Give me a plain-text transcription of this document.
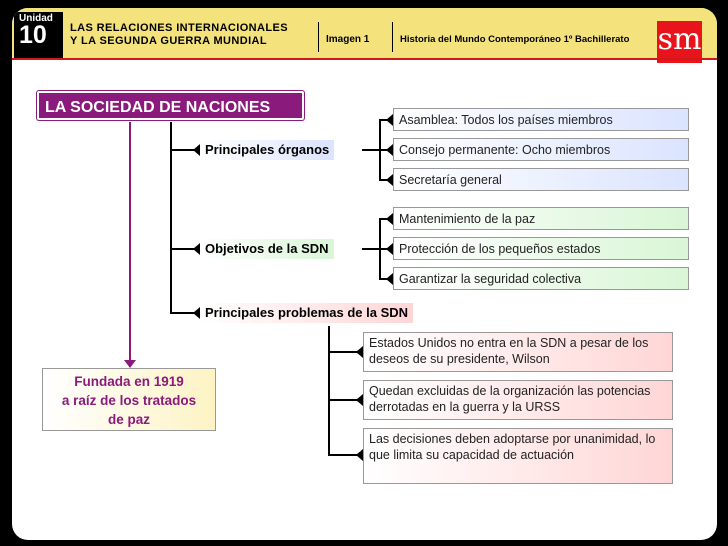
Unidad
10 LAS RELACIONES INTERNACIONALES
Y LA SEGUNDA GUERRA MUNDIAL	Imagen 1	Historia del Mundo Contemporáneo 1º Bachillerato sm
LA SOCIEDAD DE NACIONES
Fundada en 1919
a raíz de los tratados
de paz
Principales órganos
Asamblea: Todos los países miembros
Consejo permanente: Ocho miembros
Secretaría general
Objetivos de la SDN
Mantenimiento de la paz
Protección de los pequeños estados
Garantizar la seguridad colectiva
Principales problemas de la SDN
Estados Unidos no entra en la SDN a pesar de los deseos de su presidente, Wilson
Quedan excluidas de la organización las potencias derrotadas en la guerra y la URSS
Las decisiones deben adoptarse por unanimidad, lo que limita su capacidad de actuación
